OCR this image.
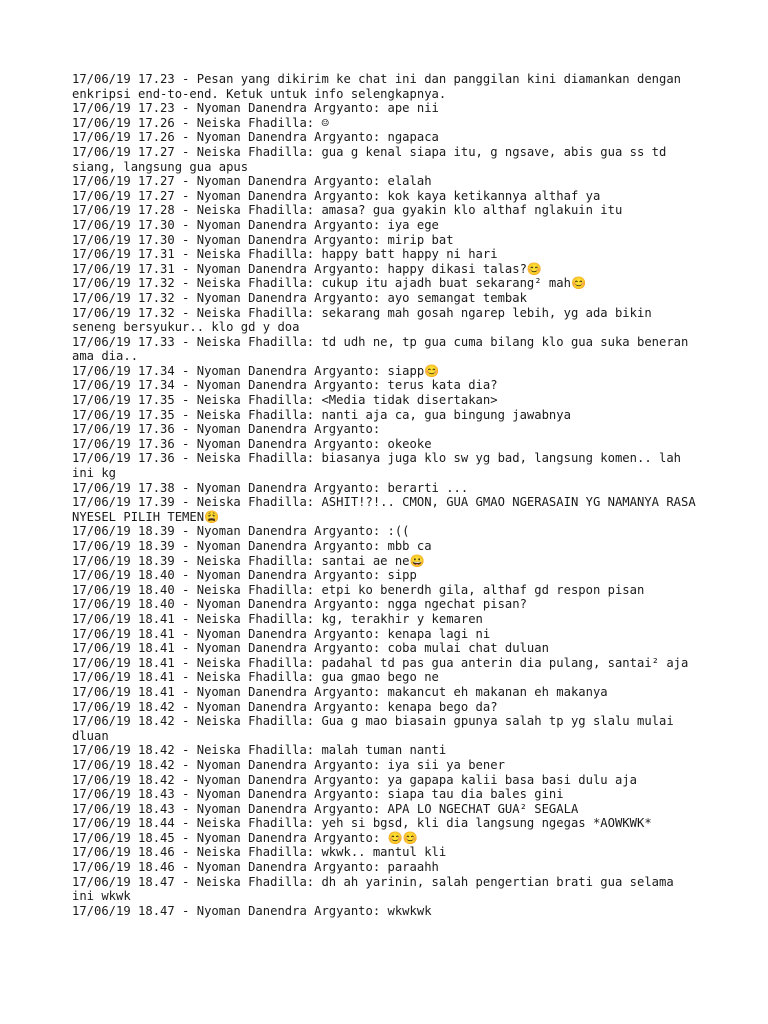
17/06/19 17.23 - Pesan yang dikirim ke chat ini dan panggilan kini diamankan dengan enkripsi end-to-end. Ketuk untuk info selengkapnya.
17/06/19 17.23 - Nyoman Danendra Argyanto: ape nii
17/06/19 17.26 - Neiska Fhadilla: ☺
17/06/19 17.26 - Nyoman Danendra Argyanto: ngapaca
17/06/19 17.27 - Neiska Fhadilla: gua g kenal siapa itu, g ngsave, abis gua ss td siang, langsung gua apus
17/06/19 17.27 - Nyoman Danendra Argyanto: elalah
17/06/19 17.27 - Nyoman Danendra Argyanto: kok kaya ketikannya althaf ya
17/06/19 17.28 - Neiska Fhadilla: amasa? gua gyakin klo althaf nglakuin itu
17/06/19 17.30 - Nyoman Danendra Argyanto: iya ege
17/06/19 17.30 - Nyoman Danendra Argyanto: mirip bat
17/06/19 17.31 - Neiska Fhadilla: happy batt happy ni hari
17/06/19 17.31 - Nyoman Danendra Argyanto: happy dikasi talas?😊
17/06/19 17.32 - Neiska Fhadilla: cukup itu ajadh buat sekarang² mah😊
17/06/19 17.32 - Nyoman Danendra Argyanto: ayo semangat tembak
17/06/19 17.32 - Neiska Fhadilla: sekarang mah gosah ngarep lebih, yg ada bikin seneng bersyukur.. klo gd y doa
17/06/19 17.33 - Neiska Fhadilla: td udh ne, tp gua cuma bilang klo gua suka beneran ama dia..
17/06/19 17.34 - Nyoman Danendra Argyanto: siapp😊
17/06/19 17.34 - Nyoman Danendra Argyanto: terus kata dia?
17/06/19 17.35 - Neiska Fhadilla: <Media tidak disertakan>
17/06/19 17.35 - Neiska Fhadilla: nanti aja ca, gua bingung jawabnya
17/06/19 17.36 - Nyoman Danendra Argyanto:
17/06/19 17.36 - Nyoman Danendra Argyanto: okeoke
17/06/19 17.36 - Neiska Fhadilla: biasanya juga klo sw yg bad, langsung komen.. lah ini kg
17/06/19 17.38 - Nyoman Danendra Argyanto: berarti ...
17/06/19 17.39 - Neiska Fhadilla: ASHIT!?!.. CMON, GUA GMAO NGERASAIN YG NAMANYA RASA NYESEL PILIH TEMEN😩
17/06/19 18.39 - Nyoman Danendra Argyanto: :((
17/06/19 18.39 - Nyoman Danendra Argyanto: mbb ca
17/06/19 18.39 - Neiska Fhadilla: santai ae ne😀
17/06/19 18.40 - Nyoman Danendra Argyanto: sipp
17/06/19 18.40 - Neiska Fhadilla: etpi ko benerdh gila, althaf gd respon pisan
17/06/19 18.40 - Nyoman Danendra Argyanto: ngga ngechat pisan?
17/06/19 18.41 - Neiska Fhadilla: kg, terakhir y kemaren
17/06/19 18.41 - Nyoman Danendra Argyanto: kenapa lagi ni
17/06/19 18.41 - Nyoman Danendra Argyanto: coba mulai chat duluan
17/06/19 18.41 - Neiska Fhadilla: padahal td pas gua anterin dia pulang, santai² aja
17/06/19 18.41 - Neiska Fhadilla: gua gmao bego ne
17/06/19 18.41 - Nyoman Danendra Argyanto: makancut eh makanan eh makanya
17/06/19 18.42 - Nyoman Danendra Argyanto: kenapa bego da?
17/06/19 18.42 - Neiska Fhadilla: Gua g mao biasain gpunya salah tp yg slalu mulai dluan
17/06/19 18.42 - Neiska Fhadilla: malah tuman nanti
17/06/19 18.42 - Nyoman Danendra Argyanto: iya sii ya bener
17/06/19 18.42 - Nyoman Danendra Argyanto: ya gapapa kalii basa basi dulu aja
17/06/19 18.43 - Nyoman Danendra Argyanto: siapa tau dia bales gini
17/06/19 18.43 - Nyoman Danendra Argyanto: APA LO NGECHAT GUA² SEGALA
17/06/19 18.44 - Neiska Fhadilla: yeh si bgsd, kli dia langsung ngegas *AOWKWK*
17/06/19 18.45 - Nyoman Danendra Argyanto: 😊😊
17/06/19 18.46 - Neiska Fhadilla: wkwk.. mantul kli
17/06/19 18.46 - Nyoman Danendra Argyanto: paraahh
17/06/19 18.47 - Neiska Fhadilla: dh ah yarinin, salah pengertian brati gua selama ini wkwk
17/06/19 18.47 - Nyoman Danendra Argyanto: wkwkwk
